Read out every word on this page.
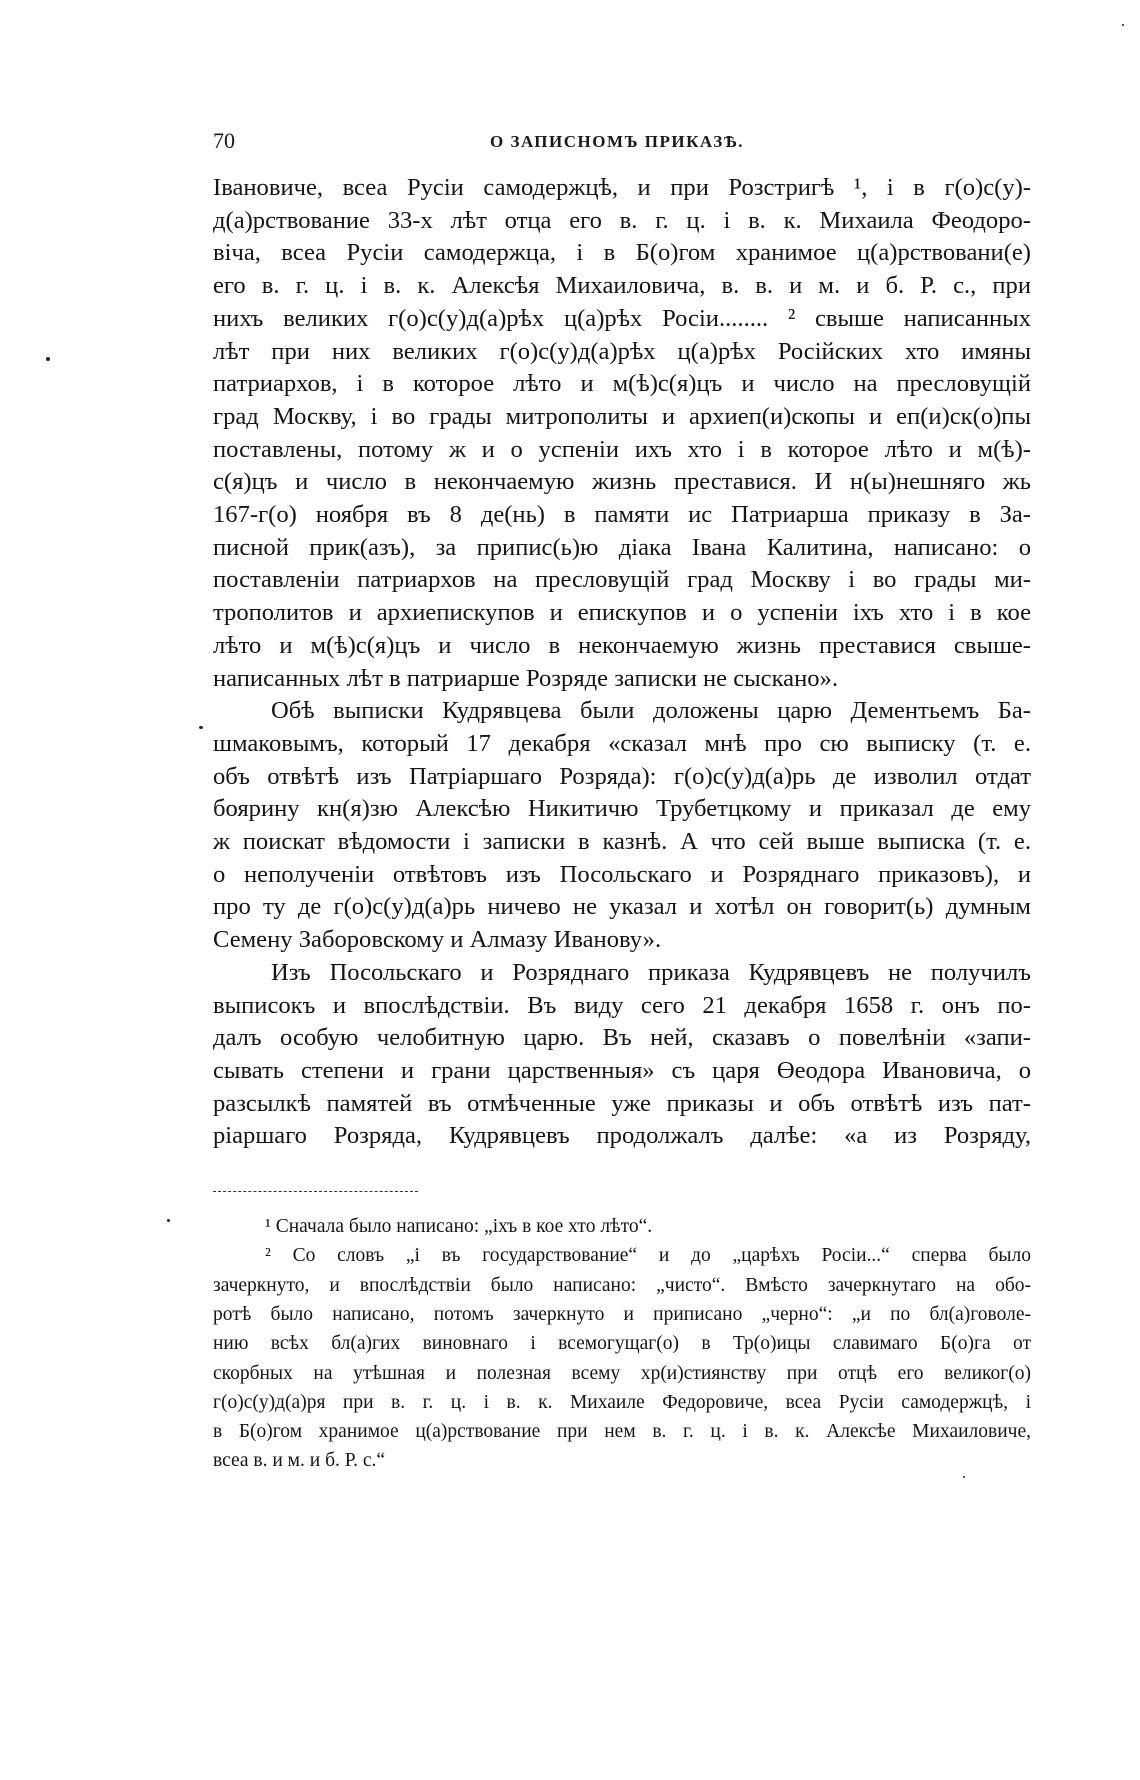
70	О ЗАПИСНОМЪ ПРИКАЗѢ.
Івановиче, всеа Русiи самодержцѣ, и при Розстригѣ ¹, і в г(о)с(у)-
д(а)рствование 33-х лѣт отца его в. г. ц. і в. к. Михаила Феодоро-
віча, всеа Русiи самодержца, і в Б(о)гом хранимое ц(а)рствовани(е)
его в. г. ц. і в. к. Алексѣя Михаиловича, в. в. и м. и б. Р. с., при
нихъ великих г(о)с(у)д(а)рѣх ц(а)рѣх Росiи........ ² свыше написанных
лѣт при них великих г(о)с(у)д(а)рѣх ц(а)рѣх Російских хто имяны
патриархов, і в которое лѣто и м(ѣ)с(я)цъ и число на пресловущій
град Москву, і во грады митрополиты и архиеп(и)скопы и еп(и)ск(о)пы
поставлены, потому ж и о успенiи ихъ хто і в которое лѣто и м(ѣ)-
с(я)цъ и число в некончаемую жизнь преставися. И н(ы)нешняго жь
167-г(о) ноября въ 8 де(нь) в памяти ис Патриарша приказу в За-
писной прик(азъ), за припис(ь)ю діака Івана Калитина, написано: о
поставленiи патриархов на пресловущій град Москву і во грады ми-
трополитов и архиепискупов и епискупов и о успенiи іхъ хто і в кое
лѣто и м(ѣ)с(я)цъ и число в некончаемую жизнь преставися свыше-
написанных лѣт в патриарше Розряде записки не сыскано».
Обѣ выписки Кудрявцева были доложены царю Дементьемъ Ба-
шмаковымъ, который 17 декабря «сказал мнѣ про сю выписку (т. е.
объ отвѣтѣ изъ Патріаршаго Розряда): г(о)с(у)д(а)рь де изволил отдат
боярину кн(я)зю Алексѣю Никитичю Трубетцкому и приказал де ему
ж поискат вѣдомости і записки в казнѣ. А что сей выше выписка (т. е.
о неполученiи отвѣтовъ изъ Посольскаго и Розряднаго приказовъ), и
про ту де г(о)с(у)д(а)рь ничево не указал и хотѣл он говорит(ь) думным
Семену Заборовскому и Алмазу Иванову».
Изъ Посольскаго и Розряднаго приказа Кудрявцевъ не получилъ
выписокъ и впослѣдствiи. Въ виду сего 21 декабря 1658 г. онъ по-
далъ особую челобитную царю. Въ ней, сказавъ о повелѣнiи «запи-
сывать степени и грани царственныя» съ царя Өеодора Ивановича, о
разсылкѣ памятей въ отмѣченные уже приказы и объ отвѣтѣ изъ пат-
ріаршаго Розряда, Кудрявцевъ продолжалъ далѣе: «а из Розряду,
¹ Сначала было написано: „іхъ в кое хто лѣто“.
² Со словъ „і въ государствование“ и до „царѣхъ Росіи...“ сперва было
зачеркнуто, и впослѣдствiи было написано: „чисто“. Вмѣсто зачеркнутаго на обо-
ротѣ было написано, потомъ зачеркнуто и приписано „черно“: „и по бл(а)говоле-
нию всѣх бл(а)гих виновнаго і всемогущаг(о) в Тр(о)ицы славимаго Б(о)га от
скорбных на утѣшная и полезная всему хр(и)стиянству при отцѣ его великог(о)
г(о)с(у)д(а)ря при в. г. ц. і в. к. Михаиле Федоровиче, всеа Русiи самодержцѣ, і
в Б(о)гом хранимое ц(а)рствование при нем в. г. ц. і в. к. Алексѣе Михаиловиче,
всеа в. и м. и б. Р. с.“
